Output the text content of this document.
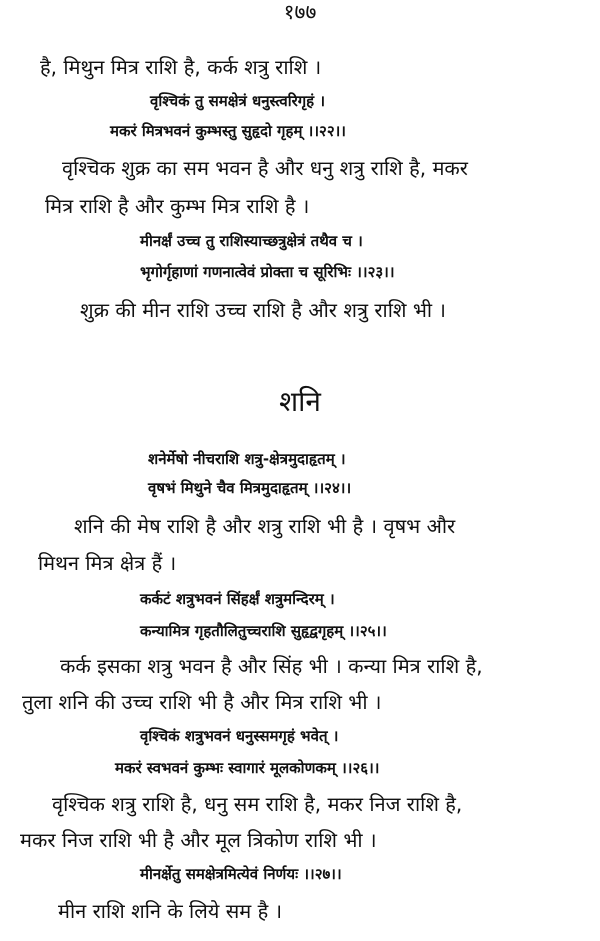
१७७
है, मिथुन मित्र राशि है, कर्क शत्रु राशि ।
वृश्चिकं तु समक्षेत्रं धनुस्त्वरिगृहं ।
मकरं मित्रभवनं कुम्भस्तु सुहृदो गृहम् ।।२२।।
वृश्चिक शुक्र का सम भवन है और धनु शत्रु राशि है, मकर
मित्र राशि है और कुम्भ मित्र राशि है ।
मीनर्क्षं उच्च तु राशिस्याच्छत्रुक्षेत्रं तथैव च ।
भृगोर्गृहाणां गणनात्वेवं प्रोक्ता च सूरिभिः ।।२३।।
शुक्र की मीन राशि उच्च राशि है और शत्रु राशि भी ।
शनि
शनेर्मेषो नीचराशि शत्रु-क्षेत्रमुदाहृतम् ।
वृषभं मिथुने चैव मित्रमुदाहृतम् ।।२४।।
शनि की मेष राशि है और शत्रु राशि भी है । वृषभ और
मिथन मित्र क्षेत्र हैं ।
कर्कटं शत्रुभवनं सिंहर्क्षं शत्रुमन्दिरम् ।
कन्यामित्र गृहतौलितुच्चराशि सुहृद्वगृहम् ।।२५।।
कर्क इसका शत्रु भवन है और सिंह भी । कन्या मित्र राशि है,
तुला शनि की उच्च राशि भी है और मित्र राशि भी ।
वृश्चिकं शत्रुभवनं धनुस्समगृहं भवेत् ।
मकरं स्वभवनं कुम्भः स्वागारं मूलकोणकम् ।।२६।।
वृश्चिक शत्रु राशि है, धनु सम राशि है, मकर निज राशि है,
मकर निज राशि भी है और मूल त्रिकोण राशि भी ।
मीनर्क्षेतु समक्षेत्रमित्येवं निर्णयः ।।२७।।
मीन राशि शनि के लिये सम है ।
